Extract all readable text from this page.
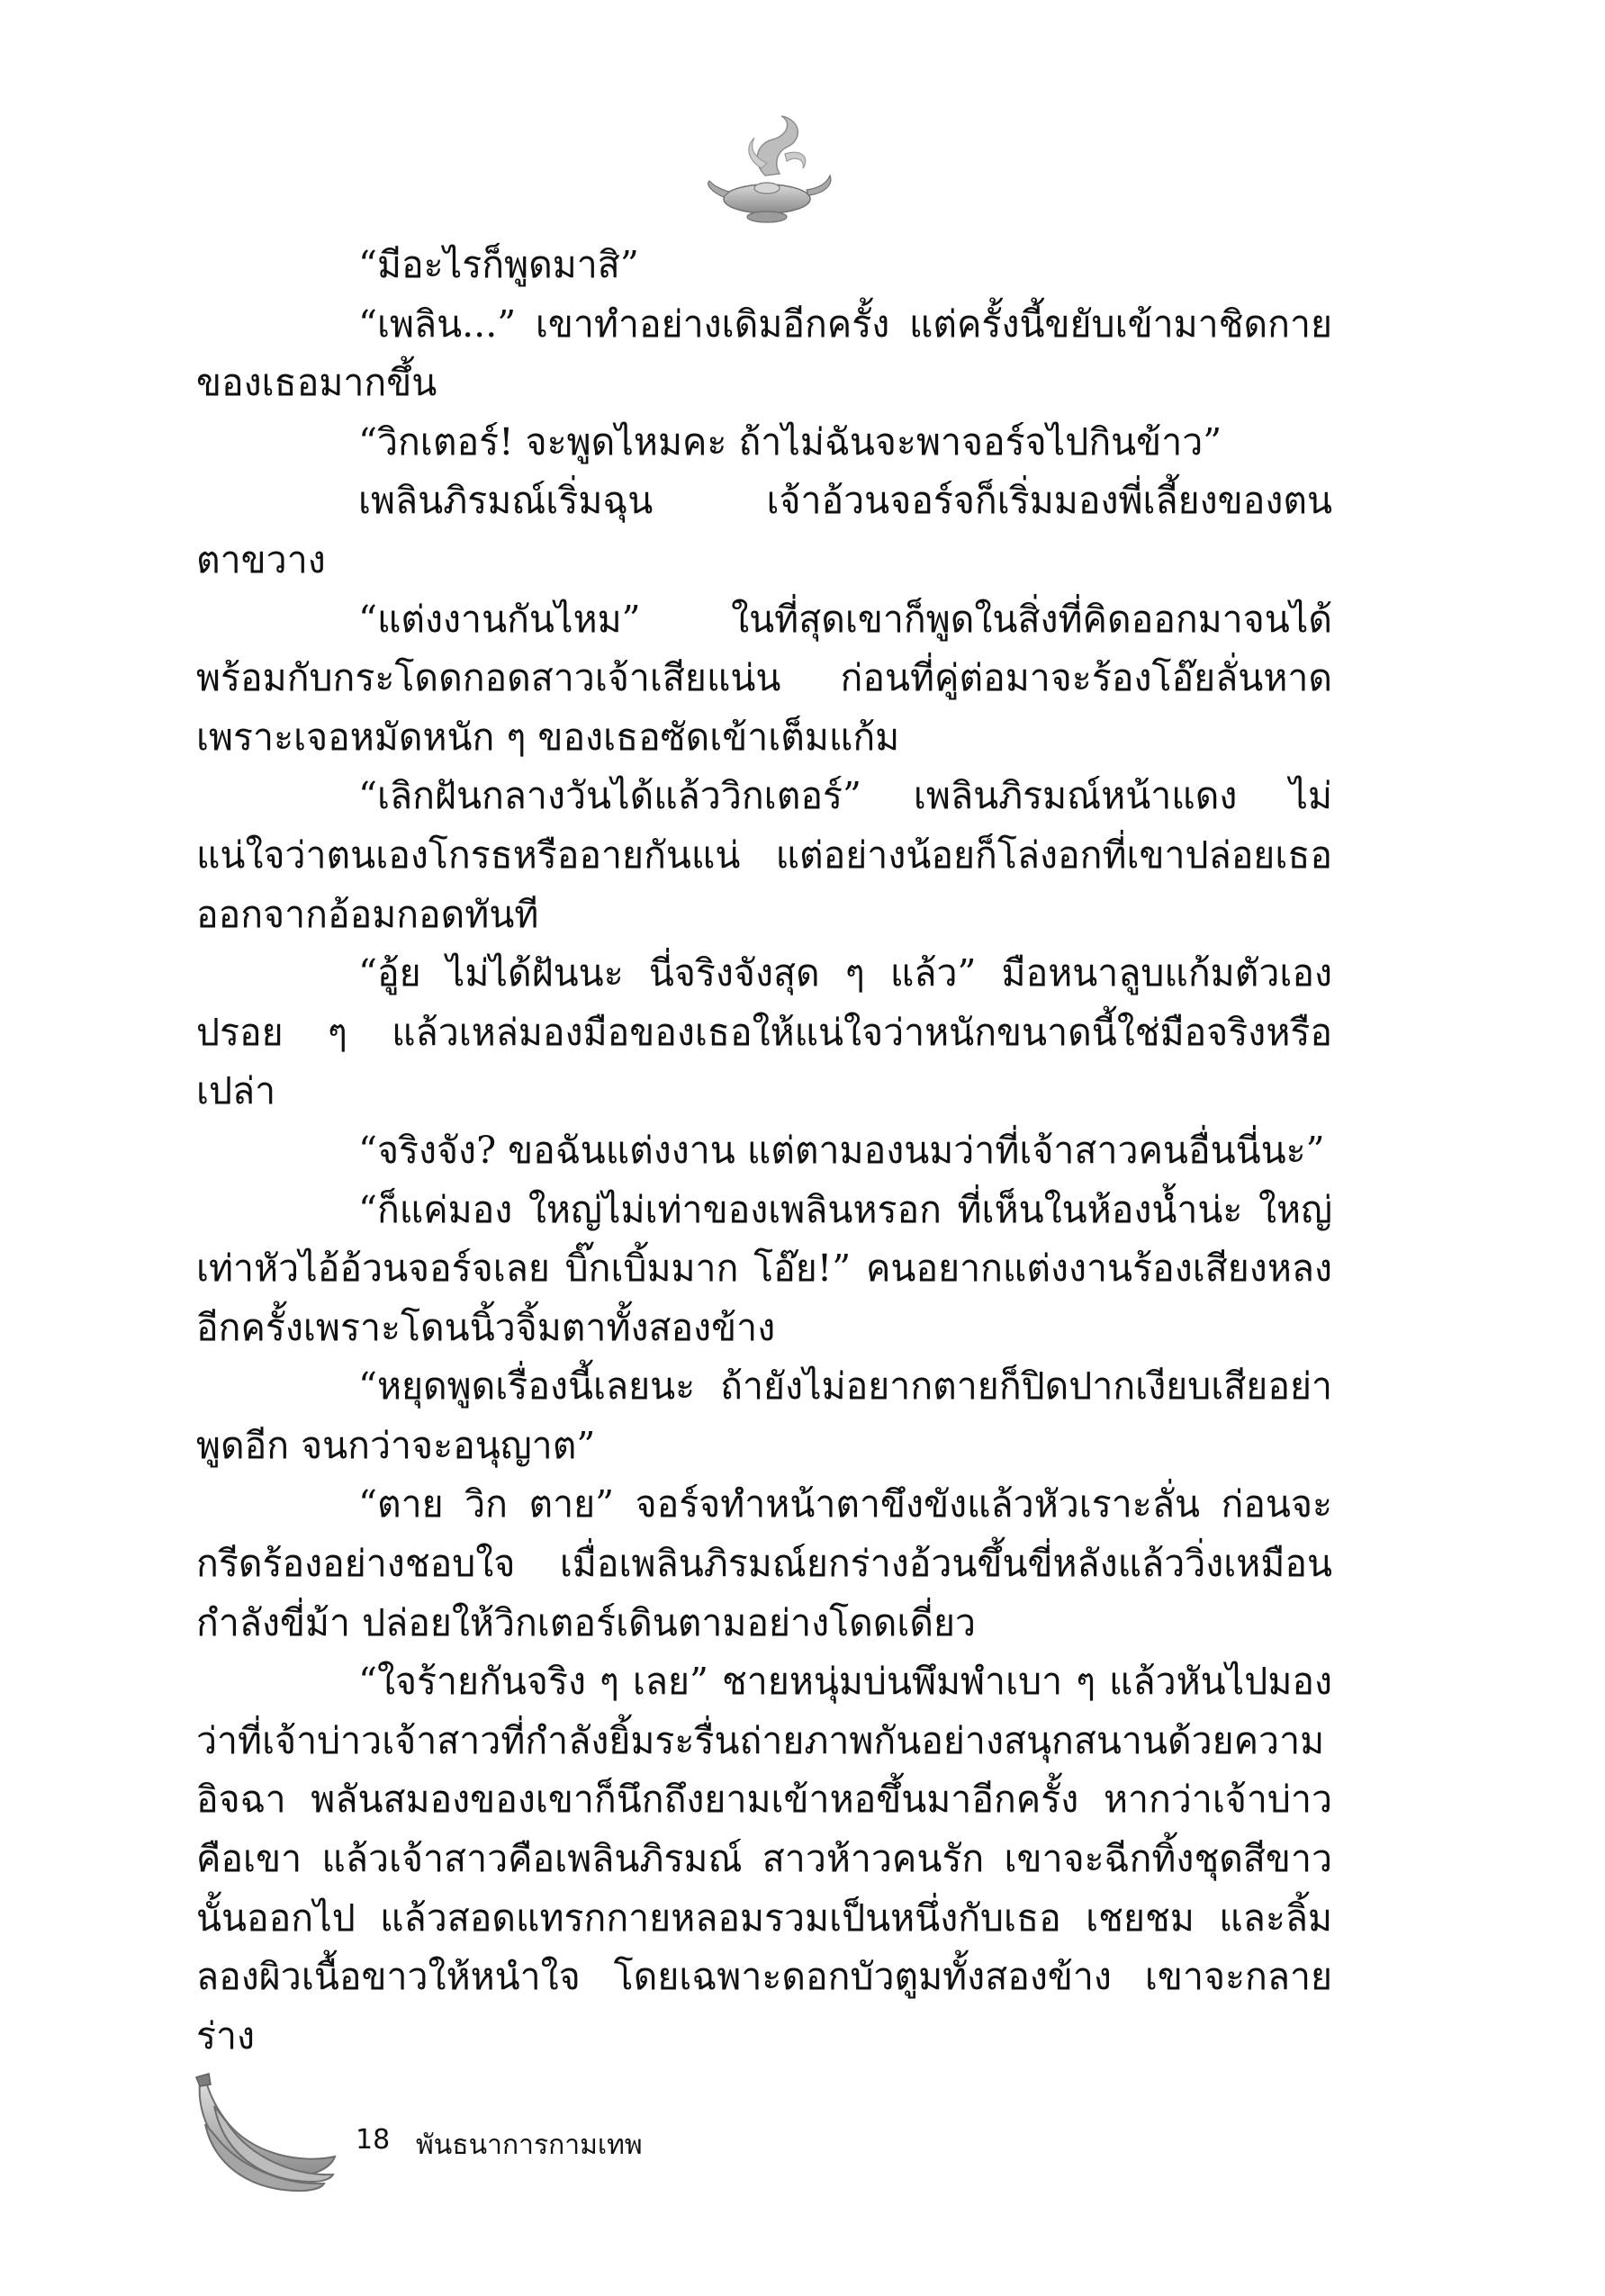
“มีอะไรก็พูดมาสิ”

“เพลิน...” เขาทำอย่างเดิมอีกครั้ง แต่ครั้งนี้ขยับเข้ามาชิดกายของเธอมากขึ้น

“วิกเตอร์! จะพูดไหมคะ ถ้าไม่ฉันจะพาจอร์จไปกินข้าว”

เพลินภิรมณ์เริ่มฉุน เจ้าอ้วนจอร์จก็เริ่มมองพี่เลี้ยงของตนตาขวาง

“แต่งงานกันไหม” ในที่สุดเขาก็พูดในสิ่งที่คิดออกมาจนได้ พร้อมกับกระโดดกอดสาวเจ้าเสียแน่น ก่อนที่คู่ต่อมาจะร้องโอ๊ยลั่นหาด เพราะเจอหมัดหนัก ๆ ของเธอซัดเข้าเต็มแก้ม

“เลิกฝันกลางวันได้แล้ววิกเตอร์” เพลินภิรมณ์หน้าแดง ไม่แน่ใจว่าตนเองโกรธหรืออายกันแน่ แต่อย่างน้อยก็โล่งอกที่เขาปล่อยเธอออกจากอ้อมกอดทันที

“อู้ย ไม่ได้ฝันนะ นี่จริงจังสุด ๆ แล้ว” มือหนาลูบแก้มตัวเองปรอย ๆ แล้วเหล่มองมือของเธอให้แน่ใจว่าหนักขนาดนี้ใช่มือจริงหรือเปล่า

“จริงจัง? ขอฉันแต่งงาน แต่ตามองนมว่าที่เจ้าสาวคนอื่นนี่นะ”

“ก็แค่มอง ใหญ่ไม่เท่าของเพลินหรอก ที่เห็นในห้องน้ำน่ะ ใหญ่เท่าหัวไอ้อ้วนจอร์จเลย บิ๊กเบิ้มมาก โอ๊ย!” คนอยากแต่งงานร้องเสียงหลงอีกครั้งเพราะโดนนิ้วจิ้มตาทั้งสองข้าง

“หยุดพูดเรื่องนี้เลยนะ ถ้ายังไม่อยากตายก็ปิดปากเงียบเสียอย่าพูดอีก จนกว่าจะอนุญาต”

“ตาย วิก ตาย” จอร์จทำหน้าตาขึงขังแล้วหัวเราะลั่น ก่อนจะกรีดร้องอย่างชอบใจ เมื่อเพลินภิรมณ์ยกร่างอ้วนขึ้นขี่หลังแล้ววิ่งเหมือนกำลังขี่ม้า ปล่อยให้วิกเตอร์เดินตามอย่างโดดเดี่ยว

“ใจร้ายกันจริง ๆ เลย” ชายหนุ่มบ่นพึมพำเบา ๆ แล้วหันไปมองว่าที่เจ้าบ่าวเจ้าสาวที่กำลังยิ้มระรื่นถ่ายภาพกันอย่างสนุกสนานด้วยความอิจฉา พลันสมองของเขาก็นึกถึงยามเข้าหอขึ้นมาอีกครั้ง หากว่าเจ้าบ่าวคือเขา แล้วเจ้าสาวคือเพลินภิรมณ์ สาวห้าวคนรัก เขาจะฉีกทิ้งชุดสีขาวนั้นออกไป แล้วสอดแทรกกายหลอมรวมเป็นหนึ่งกับเธอ เชยชม และลิ้มลองผิวเนื้อขาวให้หนำใจ โดยเฉพาะดอกบัวตูมทั้งสองข้าง เขาจะกลายร่าง

18 พันธนาการกามเทพ
